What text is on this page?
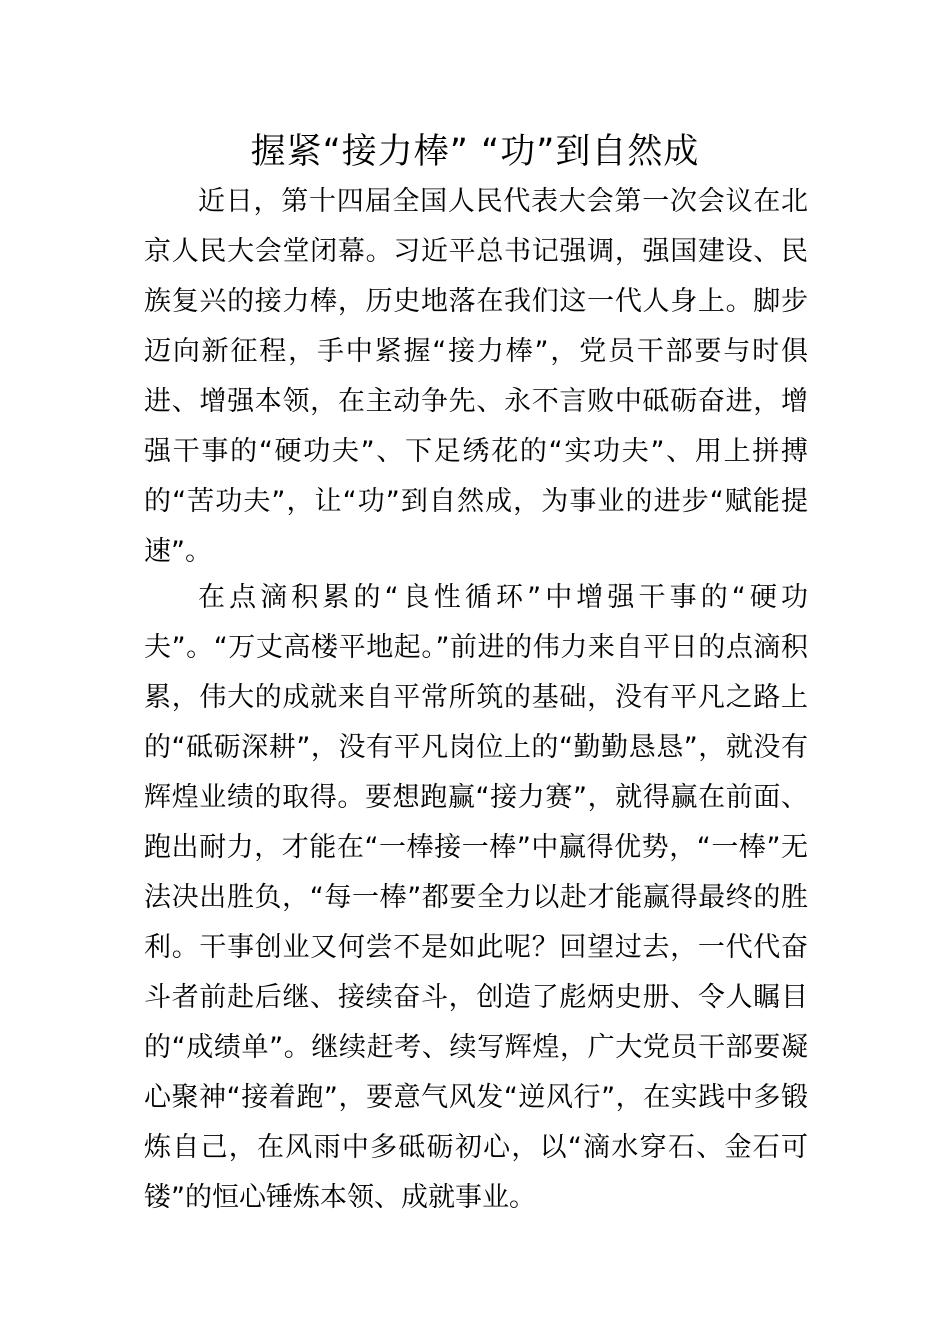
握紧“接力棒” “功”到自然成

近日，第十四届全国人民代表大会第一次会议在北京人民大会堂闭幕。习近平总书记强调，强国建设、民族复兴的接力棒，历史地落在我们这一代人身上。脚步迈向新征程，手中紧握“接力棒”，党员干部要与时俱进、增强本领，在主动争先、永不言败中砥砺奋进，增强干事的“硬功夫”、下足绣花的“实功夫”、用上拼搏的“苦功夫”，让“功”到自然成，为事业的进步“赋能提速”。

在点滴积累的“良性循环”中增强干事的“硬功夫”。“万丈高楼平地起。”前进的伟力来自平日的点滴积累，伟大的成就来自平常所筑的基础，没有平凡之路上的“砥砺深耕”，没有平凡岗位上的“勤勤恳恳”，就没有辉煌业绩的取得。要想跑赢“接力赛”，就得赢在前面、跑出耐力，才能在“一棒接一棒”中赢得优势，“一棒”无法决出胜负，“每一棒”都要全力以赴才能赢得最终的胜利。干事创业又何尝不是如此呢？回望过去，一代代奋斗者前赴后继、接续奋斗，创造了彪炳史册、令人瞩目的“成绩单”。继续赶考、续写辉煌，广大党员干部要凝心聚神“接着跑”，要意气风发“逆风行”，在实践中多锻炼自己，在风雨中多砥砺初心，以“滴水穿石、金石可镂”的恒心锤炼本领、成就事业。
